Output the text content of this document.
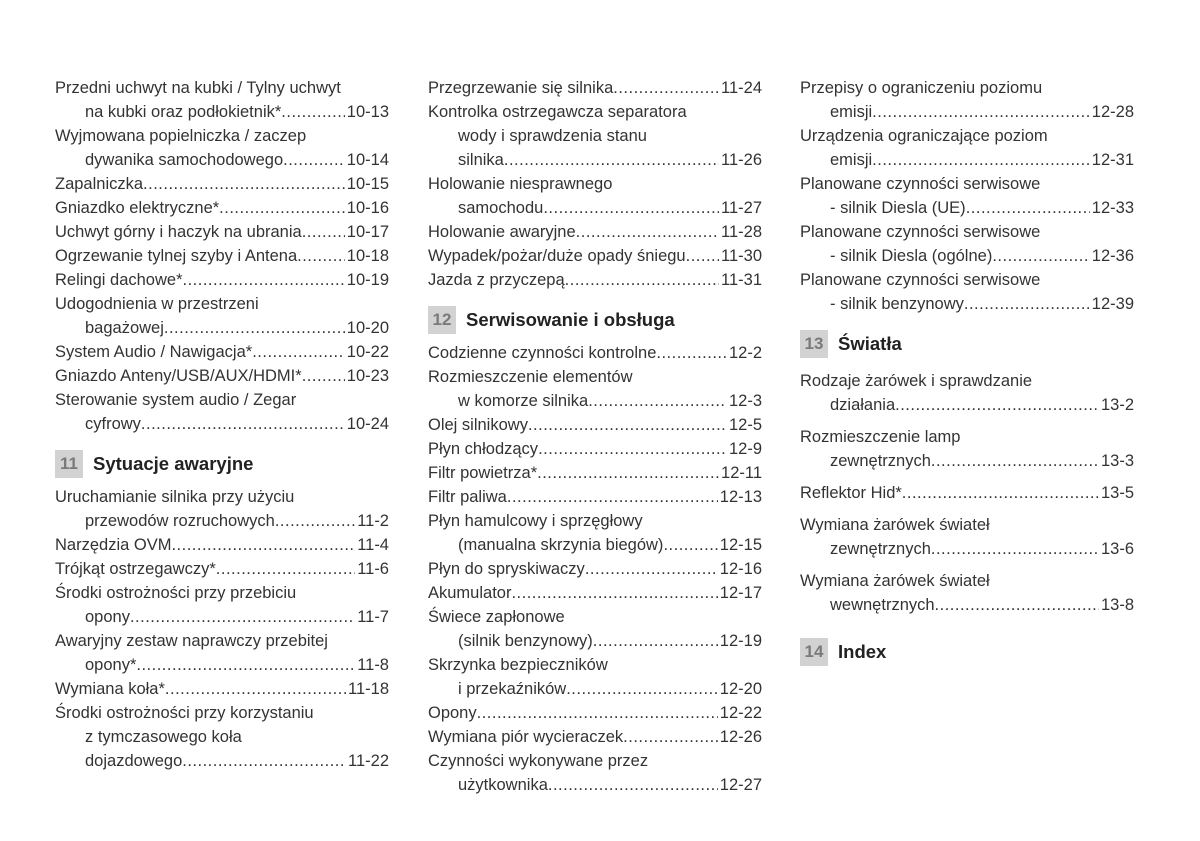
Przedni uchwyt na kubki / Tylny uchwyt
na kubki oraz podłokietnik* .....	10-13
Wyjmowana popielniczka / zaczep
dywanika samochodowego .....	10-14
Zapalniczka .....	10-15
Gniazdko elektryczne* .....	10-16
Uchwyt górny i haczyk na ubrania .....	10-17
Ogrzewanie tylnej szyby i Antena .....	10-18
Relingi dachowe* .....	10-19
Udogodnienia w przestrzeni
bagażowej .....	10-20
System Audio / Nawigacja* .....	10-22
Gniazdo Anteny/USB/AUX/HDMI* .....	10-23
Sterowanie system audio / Zegar
cyfrowy .....	10-24
11 Sytuacje awaryjne
Uruchamianie silnika przy użyciu
przewodów rozruchowych .....	11-2
Narzędzia OVM .....	11-4
Trójkąt ostrzegawczy* .....	11-6
Środki ostrożności przy przebiciu
opony .....	11-7
Awaryjny zestaw naprawczy przebitej
opony* .....	11-8
Wymiana koła* .....	11-18
Środki ostrożności przy korzystaniu
z tymczasowego koła
dojazdowego .....	11-22
Przegrzewanie się silnika .....	11-24
Kontrolka ostrzegawcza separatora
wody i sprawdzenia stanu
silnika .....	11-26
Holowanie niesprawnego
samochodu .....	11-27
Holowanie awaryjne .....	11-28
Wypadek/pożar/duże opady śniegu ..... 11-30
Jazda z przyczepą .....	11-31
12 Serwisowanie i obsługa
Codzienne czynności kontrolne .....	12-2
Rozmieszczenie elementów
w komorze silnika .....	12-3
Olej silnikowy .....	12-5
Płyn chłodzący .....	12-9
Filtr powietrza* .....	12-11
Filtr paliwa .....	12-13
Płyn hamulcowy i sprzęgłowy
(manualna skrzynia biegów) .....	12-15
Płyn do spryskiwaczy .....	12-16
Akumulator .....	12-17
Świece zapłonowe
(silnik benzynowy) .....	12-19
Skrzynka bezpieczników
i przekaźników .....	12-20
Opony .....	12-22
Wymiana piór wycieraczek .....	12-26
Czynności wykonywane przez
użytkownika .....	12-27
Przepisy o ograniczeniu poziomu
emisji .....	12-28
Urządzenia ograniczające poziom
emisji .....	12-31
Planowane czynności serwisowe
- silnik Diesla (UE) .....	12-33
Planowane czynności serwisowe
- silnik Diesla (ogólne) .....	12-36
Planowane czynności serwisowe
- silnik benzynowy .....	12-39
13 Światła
Rodzaje żarówek i sprawdzanie
działania .....	13-2
Rozmieszczenie lamp
zewnętrznych .....	13-3
Reflektor Hid* .....	13-5
Wymiana żarówek świateł
zewnętrznych .....	13-6
Wymiana żarówek świateł
wewnętrznych .....	13-8
14 Index
